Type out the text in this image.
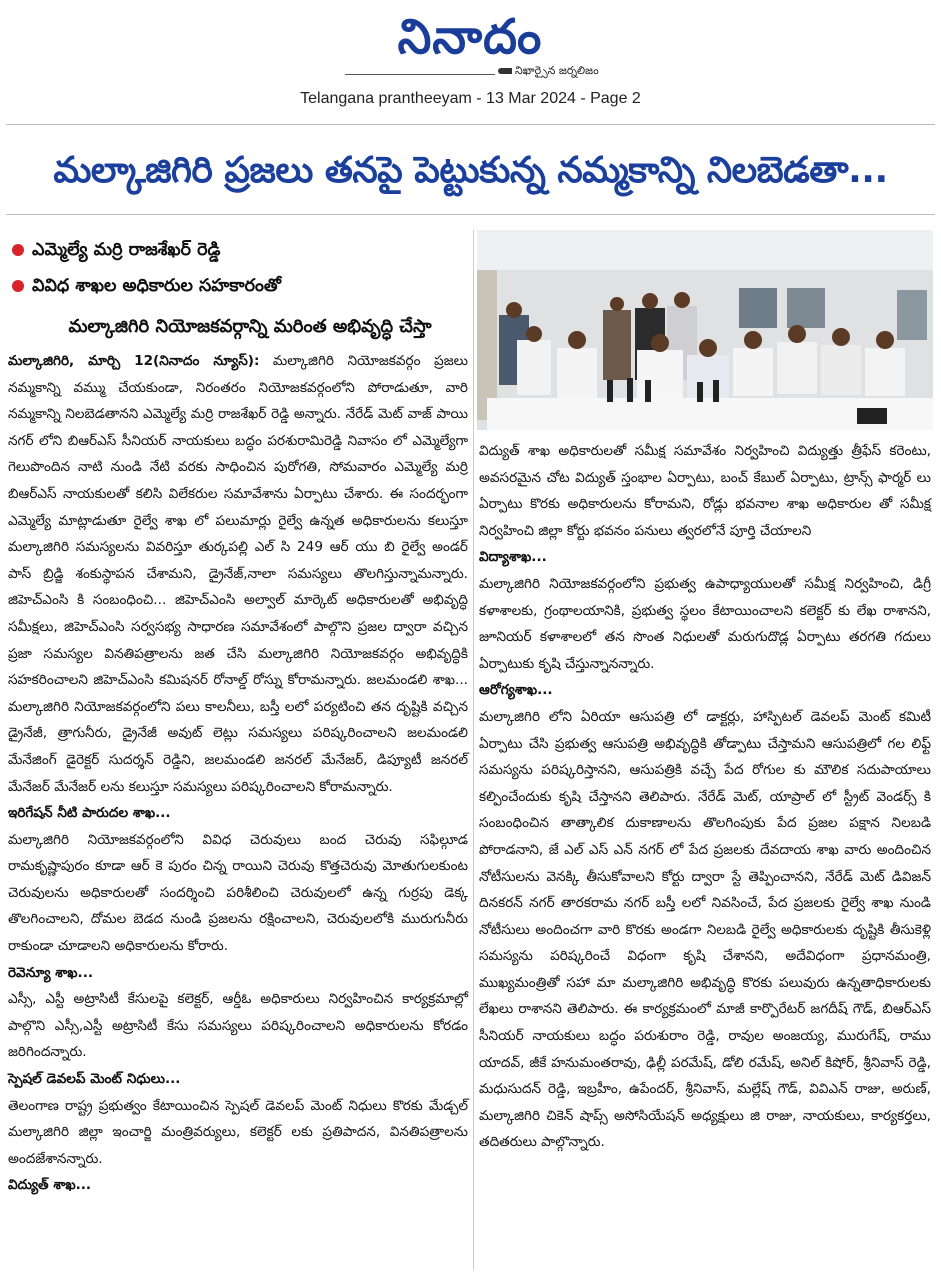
నినాదం
నిఖార్సైన జర్నలిజం
Telangana prantheeyam - 13 Mar 2024 - Page 2
మల్కాజిగిరి ప్రజలు తనపై పెట్టుకున్న నమ్మకాన్ని నిలబెడతా...
ఎమ్మెల్యే మర్రి రాజశేఖర్ రెడ్డి
వివిధ శాఖల అధికారుల సహకారంతో
మల్కాజిగిరి నియోజకవర్గాన్ని మరింత అభివృద్ధి చేస్తా

మల్కాజిగిరి, మార్చి 12(నినాదం న్యూస్): మల్కాజిగిరి నియోజకవర్గం ప్రజలు నమ్మకాన్ని వమ్ము చేయకుండా, నిరంతరం నియోజకవర్గంలోని పోరాడుతూ, వారి నమ్మకాన్ని నిలబెడతానని ఎమ్మెల్యే మర్రి రాజశేఖర్ రెడ్డి అన్నారు. నేరేడ్ మెట్ వాజ్ పాయి నగర్ లోని బిఆర్ఎస్ సీనియర్ నాయకులు బద్ధం పరశురామిరెడ్డి నివాసం లో ఎమ్మెల్యేగా గెలుపొందిన నాటి నుండి నేటి వరకు సాధించిన పురోగతి, సోమవారం ఎమ్మెల్యే మర్రి బిఆర్ఎస్ నాయకులతో కలిసి విలేకరుల సమావేశాను ఏర్పాటు చేశారు. ఈ సందర్భంగా ఎమ్మెల్యే మాట్లాడుతూ రైల్వే శాఖ లో పలుమార్లు రైల్వే ఉన్నత అధికారులను కలుస్తూ మల్కాజిగిరి సమస్యలను వివరిస్తూ తుర్కపల్లి ఎల్ సి 249 ఆర్ యు బి రైల్వే అండర్ పాస్ బ్రిడ్జి శంకుస్థాపన చేశామని, డ్రైనేజ్,నాలా సమస్యలు తొలగిస్తున్నామన్నారు. జిహెచ్ఎంసి కి సంబంధించి... జిహెచ్ఎంసి అల్వాల్ మార్కెట్ అధికారులతో అభివృద్ధి సమీక్షలు, జిహెచ్ఎంసి సర్వసభ్య సాధారణ సమావేశంలో పాల్గొని ప్రజల ద్వారా వచ్చిన ప్రజా సమస్యల వినతిపత్రాలను జత చేసి మల్కాజిగిరి నియోజకవర్గం అభివృద్ధికి సహకరించాలని జిహెచ్ఎంసి కమిషనర్ రోనాల్డ్ రోస్ను కోరామన్నారు. జలమండలి శాఖ... మల్కాజిగిరి నియోజకవర్గంలోని పలు కాలనీలు, బస్తీ లలో పర్యటించి తన దృష్టికి వచ్చిన డ్రైనేజీ, త్రాగునీరు, డ్రైనేజీ అవుట్ లెట్లు సమస్యలు పరిష్కరించాలని జలమండలి మేనేజింగ్ డైరెక్టర్ సుదర్శన్ రెడ్డిని, జలమండలి జనరల్ మేనేజర్, డిప్యూటీ జనరల్ మేనేజర్ మేనేజర్ లను కలుస్తూ సమస్యలు పరిష్కరించాలని కోరామన్నారు.

ఇరిగేషన్ నీటి పారుదల శాఖ...

మల్కాజిగిరి నియోజకవర్గంలోని వివిధ చెరువులు బంద చెరువు సఫిల్గూడ రామకృష్ణాపురం కూడా ఆర్ కె పురం చిన్న రాయిని చెరువు కొత్తచెరువు మోతుగులకుంట చెరువులను అధికారులతో సందర్శించి పరిశీలించి చెరువులలో ఉన్న గుర్రపు డెక్క తొలగించాలని, దోమల బెడద నుండి ప్రజలను రక్షించాలని, చెరువులలోకి మురుగునీరు రాకుండా చూడాలని అధికారులను కోరారు.

రెవెన్యూ శాఖ...

ఎస్సీ, ఎస్టీ అట్రాసిటీ కేసులపై కలెక్టర్, ఆర్డీఓ అధికారులు నిర్వహించిన కార్యక్రమాల్లో పాల్గొని ఎస్సీ,ఎస్టీ అట్రాసిటీ కేసు సమస్యలు పరిష్కరించాలని అధికారులను కోరడం జరిగిందన్నారు.

స్పెషల్ డెవలప్ మెంట్ నిధులు...

తెలంగాణ రాష్ట్ర ప్రభుత్వం కేటాయించిన స్పెషల్ డెవలప్ మెంట్ నిధులు కొరకు మేడ్చల్ మల్కాజిగిరి జిల్లా ఇంచార్జి మంత్రివర్యులు, కలెక్టర్ లకు ప్రతిపాదన, వినతిపత్రాలను అందజేశానన్నారు.

విద్యుత్ శాఖ...

విద్యుత్ శాఖ అధికారులతో సమీక్ష సమావేశం నిర్వహించి విద్యుత్తు త్రీఫేస్ కరెంటు, అవసరమైన చోట విద్యుత్ స్తంభాల ఏర్పాటు, బంచ్ కేబుల్ ఏర్పాటు, ట్రాన్స్ ఫార్మర్ లు ఏర్పాటు కొరకు అధికారులను కోరామని, రోడ్లు భవనాల శాఖ అధికారుల తో సమీక్ష నిర్వహించి జిల్లా కోర్టు భవనం పనులు త్వరలోనే పూర్తి చేయాలని

విద్యాశాఖ...

మల్కాజిగిరి నియోజకవర్గంలోని ప్రభుత్వ ఉపాధ్యాయులతో సమీక్ష నిర్వహించి, డిగ్రీ కళాశాలకు, గ్రంథాలయానికి, ప్రభుత్వ స్థలం కేటాయించాలని కలెక్టర్ కు లేఖ రాశానని, జూనియర్ కళాశాలలో తన సొంత నిధులతో మరుగుదొడ్ల ఏర్పాటు తరగతి గదులు ఏర్పాటుకు కృషి చేస్తున్నానన్నారు.

ఆరోగ్యశాఖ...

మల్కాజిగిరి లోని ఏరియా ఆసుపత్రి లో డాక్టర్లు, హాస్పిటల్ డెవలప్ మెంట్ కమిటీ ఏర్పాటు చేసి ప్రభుత్వ ఆసుపత్రి అభివృద్ధికి తోడ్పాటు చేస్తామని ఆసుపత్రిలో గల లిఫ్ట్ సమస్యను పరిష్కరిస్తానని, ఆసుపత్రికి వచ్చే పేద రోగుల కు మౌలిక సదుపాయాలు కల్పించేందుకు కృషి చేస్తానని తెలిపారు. నేరేడ్ మెట్, యాప్రాల్ లో స్ట్రీట్ వెండర్స్ కి సంబంధించిన తాత్కాలిక దుకాణాలను తొలగింపుకు పేద ప్రజల పక్షాన నిలబడి పోరాడనాని, జే ఎల్ ఎస్ ఎన్ నగర్ లో పేద ప్రజలకు దేవదాయ శాఖ వారు అందించిన నోటీసులను వెనక్కి తీసుకోవాలని కోర్టు ద్వారా స్టే తెప్పించానని, నేరేడ్ మెట్ డివిజన్ దినకరన్ నగర్ తారకరామ నగర్ బస్తీ లలో నివసించే, పేద ప్రజలకు రైల్వే శాఖ నుండి నోటీసులు అందించగా వారి కొరకు అండగా నిలబడి రైల్వే అధికారులకు దృష్టికి తీసుకెళ్లి సమస్యను పరిష్కరించే విధంగా కృషి చేశానని, అదేవిధంగా ప్రధానమంత్రి, ముఖ్యమంత్రితో సహా మా మల్కాజిగిరి అభివృద్ధి కొరకు పలువురు ఉన్నతాధికారులకు లేఖలు రాశానని తెలిపారు. ఈ కార్యక్రమంలో మాజీ కార్పొరేటర్ జగదీష్ గౌడ్, బిఆర్ఎస్ సీనియర్ నాయకులు బద్ధం పరుశురాం రెడ్డి, రావుల అంజయ్య, మురుగేష్, రాము యాదవ్, జీకే హనుమంతరావు, ఢిల్లీ పరమేష్, డోలి రమేష్, అనిల్ కిషోర్, శ్రీనివాస్ రెడ్డి, మధుసుదన్ రెడ్డి, ఇబ్రహీం, ఉపేందర్, శ్రీనివాస్, మల్లేష్ గౌడ్, వివిఎన్ రాజు, అరుణ్, మల్కాజిగిరి చికెన్ షాప్స్ అసోసియేషన్ అధ్యక్షులు జి రాజు, నాయకులు, కార్యకర్తలు, తదితరులు పాల్గొన్నారు.
